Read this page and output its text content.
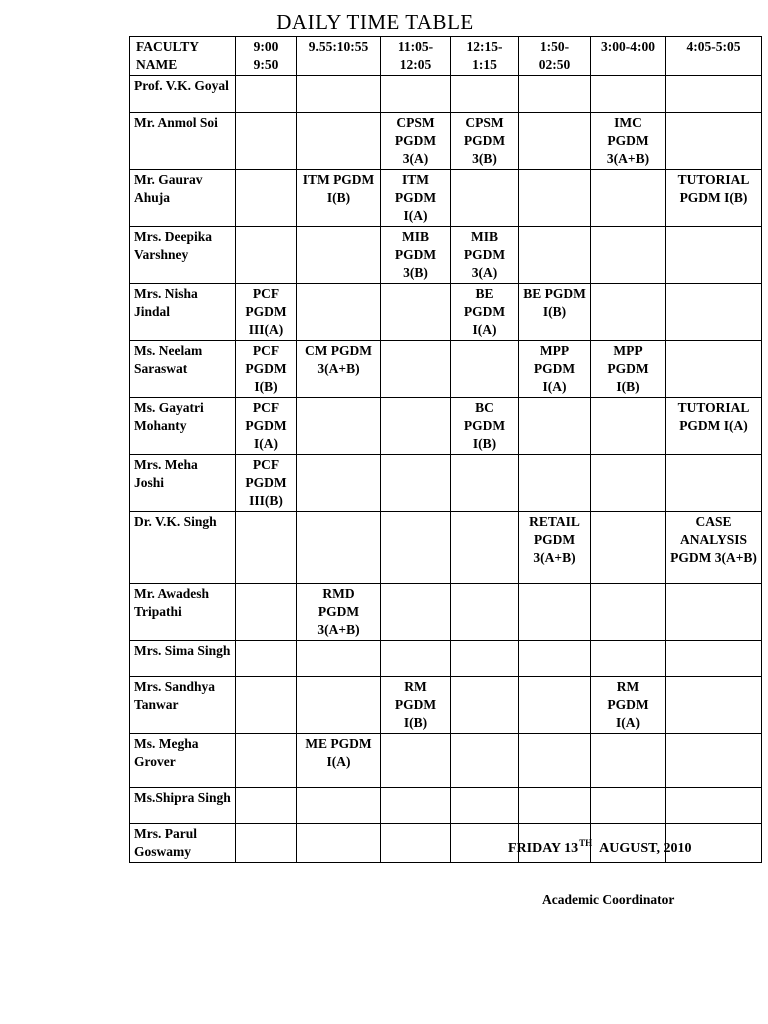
DAILY TIME TABLE
FACULTY NAME	9:00 9:50	9.55:10:55	11:05- 12:05	12:15- 1:15	1:50- 02:50	3:00-4:00	4:05-5:05
Prof. V.K. Goyal							
Mr. Anmol Soi			CPSM PGDM 3(A)	CPSM PGDM 3(B)		IMC PGDM 3(A+B)	
Mr. Gaurav Ahuja		ITM PGDM I(B)	ITM PGDM I(A)				TUTORIAL PGDM I(B)
Mrs. Deepika Varshney			MIB PGDM 3(B)	MIB PGDM 3(A)			
Mrs. Nisha Jindal	PCF PGDM III(A)			BE PGDM I(A)	BE PGDM I(B)		
Ms. Neelam Saraswat	PCF PGDM I(B)	CM PGDM 3(A+B)			MPP PGDM I(A)	MPP PGDM I(B)	
Ms. Gayatri Mohanty	PCF PGDM I(A)			BC PGDM I(B)			TUTORIAL PGDM I(A)
Mrs. Meha Joshi	PCF PGDM III(B)						
Dr. V.K. Singh					RETAIL PGDM 3(A+B)		CASE ANALYSIS PGDM 3(A+B)
Mr. Awadesh Tripathi		RMD PGDM 3(A+B)					
Mrs. Sima Singh							
Mrs. Sandhya Tanwar			RM PGDM I(B)			RM PGDM I(A)	
Ms. Megha Grover		ME PGDM I(A)					
Ms.Shipra Singh							
Mrs. Parul Goswamy								FRIDAY 13TH AUGUST, 2010
Academic Coordinator
